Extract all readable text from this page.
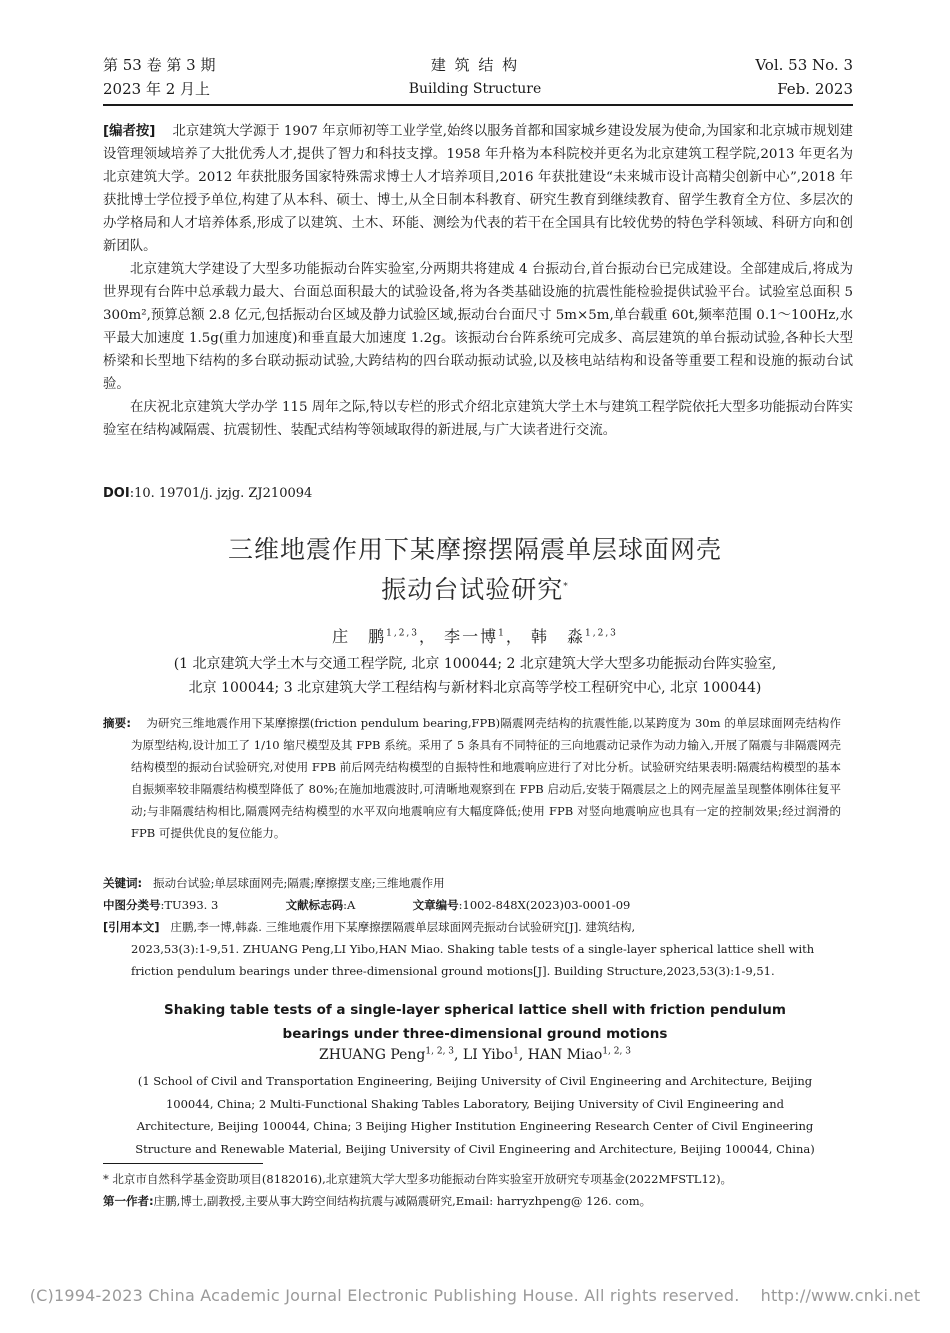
第 53 卷 第 3 期
2023 年 2 月上
建 筑 结 构
Building Structure
Vol. 53 No. 3
Feb. 2023

[编者按] 北京建筑大学源于 1907 年京师初等工业学堂,始终以服务首都和国家城乡建设发展为使命,为国家和北京城市规划建设管理领域培养了大批优秀人才,提供了智力和科技支撑。1958 年升格为本科院校并更名为北京建筑工程学院,2013 年更名为北京建筑大学。2012 年获批服务国家特殊需求博士人才培养项目,2016 年获批建设“未来城市设计高精尖创新中心”,2018 年获批博士学位授予单位,构建了从本科、硕士、博士,从全日制本科教育、研究生教育到继续教育、留学生教育全方位、多层次的办学格局和人才培养体系,形成了以建筑、土木、环能、测绘为代表的若干在全国具有比较优势的特色学科领域、科研方向和创新团队。

北京建筑大学建设了大型多功能振动台阵实验室,分两期共将建成 4 台振动台,首台振动台已完成建设。全部建成后,将成为世界现有台阵中总承载力最大、台面总面积最大的试验设备,将为各类基础设施的抗震性能检验提供试验平台。试验室总面积 5 300m²,预算总额 2.8 亿元,包括振动台区域及静力试验区域,振动台台面尺寸 5m×5m,单台载重 60t,频率范围 0.1～100Hz,水平最大加速度 1.5g(重力加速度)和垂直最大加速度 1.2g。该振动台台阵系统可完成多、高层建筑的单台振动试验,各种长大型桥梁和长型地下结构的多台联动振动试验,大跨结构的四台联动振动试验,以及核电站结构和设备等重要工程和设施的振动台试验。

在庆祝北京建筑大学办学 115 周年之际,特以专栏的形式介绍北京建筑大学土木与建筑工程学院依托大型多功能振动台阵实验室在结构减隔震、抗震韧性、装配式结构等领域取得的新进展,与广大读者进行交流。

DOI:10. 19701/j. jzjg. ZJ210094
三维地震作用下某摩擦摆隔震单层球面网壳
振动台试验研究*
庄　鹏$^{1,2,3}$， 李一博$^1$， 韩　淼$^{1,2,3}$
(1 北京建筑大学土木与交通工程学院, 北京 100044; 2 北京建筑大学大型多功能振动台阵实验室,
北京 100044; 3 北京建筑大学工程结构与新材料北京高等学校工程研究中心, 北京 100044)
摘要: 为研究三维地震作用下某摩擦摆(friction pendulum bearing,FPB)隔震网壳结构的抗震性能,以某跨度为 30m 的单层球面网壳结构作为原型结构,设计加工了 1/10 缩尺模型及其 FPB 系统。采用了 5 条具有不同特征的三向地震动记录作为动力输入,开展了隔震与非隔震网壳结构模型的振动台试验研究,对使用 FPB 前后网壳结构模型的自振特性和地震响应进行了对比分析。试验研究结果表明:隔震结构模型的基本自振频率较非隔震结构模型降低了 80%;在施加地震波时,可清晰地观察到在 FPB 启动后,安装于隔震层之上的网壳屋盖呈现整体刚体往复平动;与非隔震结构相比,隔震网壳结构模型的水平双向地震响应有大幅度降低;使用 FPB 对竖向地震响应也具有一定的控制效果;经过润滑的 FPB 可提供优良的复位能力。
关键词: 振动台试验;单层球面网壳;隔震;摩擦摆支座;三维地震作用
中图分类号:TU393. 3	文献标志码:A	文章编号:1002-848X(2023)03-0001-09
[引用本文] 庄鹏,李一博,韩淼. 三维地震作用下某摩擦摆隔震单层球面网壳振动台试验研究[J]. 建筑结构,
2023,53(3):1-9,51. ZHUANG Peng,LI Yibo,HAN Miao. Shaking table tests of a single-layer spherical lattice shell with
friction pendulum bearings under three-dimensional ground motions[J]. Building Structure,2023,53(3):1-9,51.
Shaking table tests of a single-layer spherical lattice shell with friction pendulum
bearings under three-dimensional ground motions
ZHUANG Peng$^{1, 2, 3}$, LI Yibo$^1$, HAN Miao$^{1, 2, 3}$
(1 School of Civil and Transportation Engineering, Beijing University of Civil Engineering and Architecture, Beijing 100044, China; 2 Multi-Functional Shaking Tables Laboratory, Beijing University of Civil Engineering and Architecture, Beijing 100044, China; 3 Beijing Higher Institution Engineering Research Center of Civil Engineering Structure and Renewable Material, Beijing University of Civil Engineering and Architecture, Beijing 100044, China)
* 北京市自然科学基金资助项目(8182016),北京建筑大学大型多功能振动台阵实验室开放研究专项基金(2022MFSTL12)。
第一作者:庄鹏,博士,副教授,主要从事大跨空间结构抗震与减隔震研究,Email: harryzhpeng@ 126. com。
(C)1994-2023 China Academic Journal Electronic Publishing House. All rights reserved.    http://www.cnki.net
